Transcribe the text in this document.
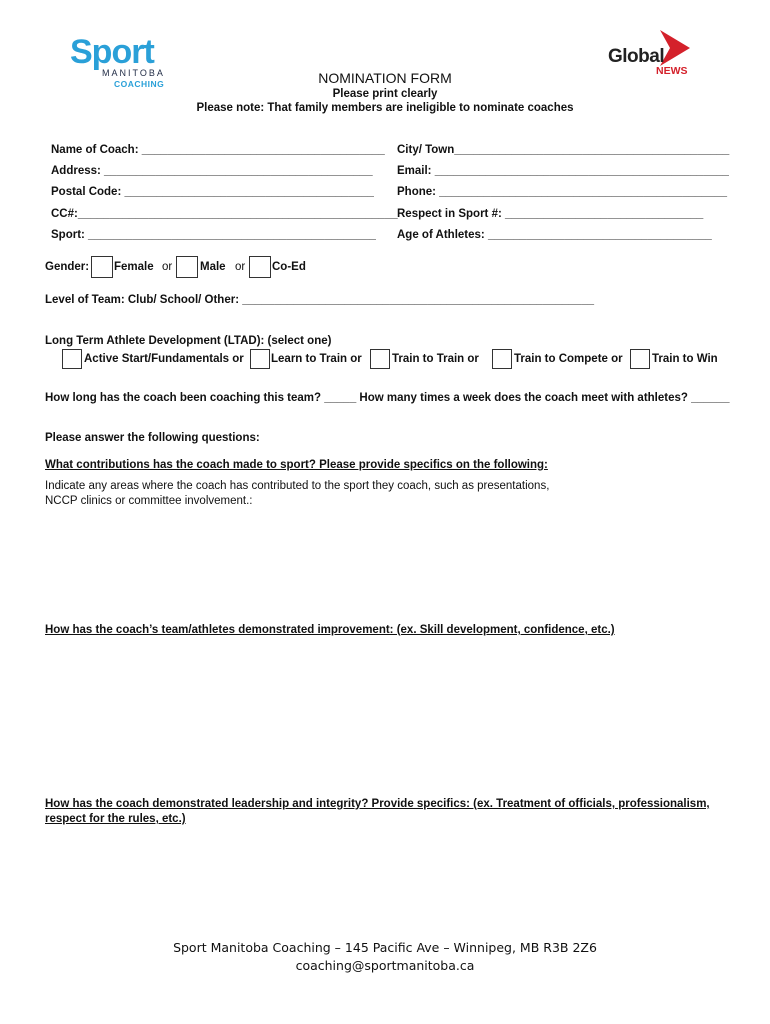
Sport
MANITOBA
COACHING
Global
NEWS
NOMINATION FORM
Please print clearly
Please note: That family members are ineligible to nominate coaches
Name of Coach: ______________________________________ City/ Town___________________________________________
Address: __________________________________________ Email: ______________________________________________
Postal Code: _______________________________________ Phone: _____________________________________________
CC#:__________________________________________________ Respect in Sport #: _______________________________
Sport: _____________________________________________ Age of Athletes: ___________________________________
Gender: Female or Male or Co-Ed
Level of Team: Club/ School/ Other: _______________________________________________________
Long Term Athlete Development (LTAD): (select one)
Active Start/Fundamentals or Learn to Train or	Train to Train or	Train to Compete or	Train to Win
How long has the coach been coaching this team? _____ How many times a week does the coach meet with athletes? ______
Please answer the following questions:
What contributions has the coach made to sport? Please provide specifics on the following:
Indicate any areas where the coach has contributed to the sport they coach, such as presentations,
NCCP clinics or committee involvement.:
How has the coach’s team/athletes demonstrated improvement: (ex. Skill development, confidence, etc.)
How has the coach demonstrated leadership and integrity? Provide specifics: (ex. Treatment of officials, professionalism,
respect for the rules, etc.)
Sport Manitoba Coaching – 145 Pacific Ave – Winnipeg, MB R3B 2Z6
coaching@sportmanitoba.ca
